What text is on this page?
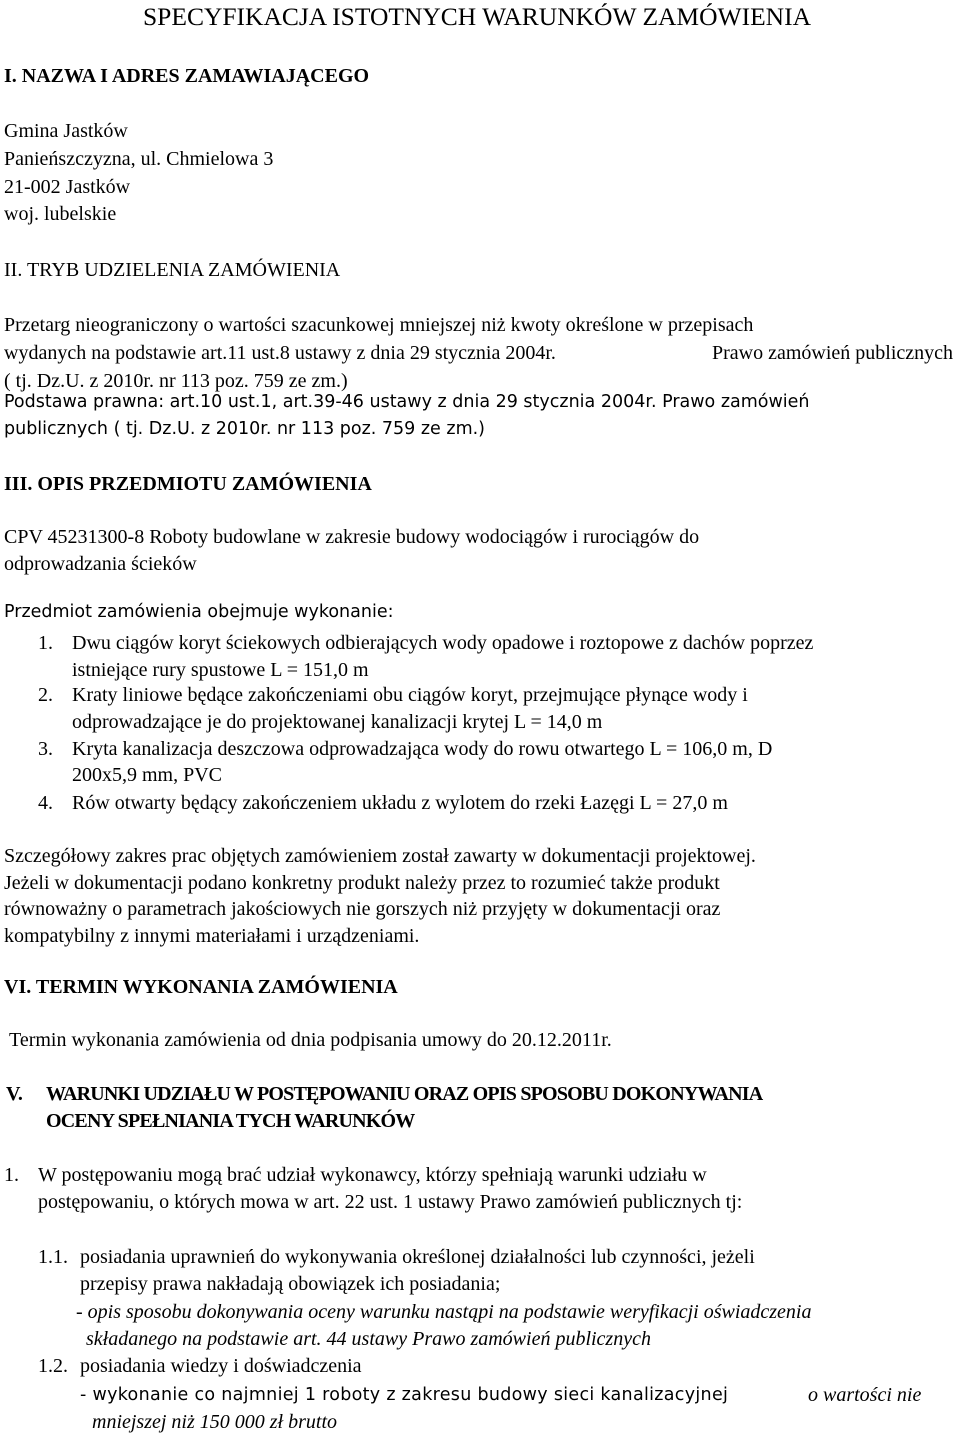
SPECYFIKACJA ISTOTNYCH WARUNKÓW ZAMÓWIENIA
I. NAZWA I ADRES ZAMAWIAJĄCEGO
Gmina Jastków
Panieńszczyzna, ul. Chmielowa 3
21-002 Jastków
woj. lubelskie
II. TRYB UDZIELENIA ZAMÓWIENIA
Przetarg nieograniczony o wartości szacunkowej mniejszej niż kwoty określone w przepisach
wydanych na podstawie art.11 ust.8 ustawy z dnia 29 stycznia 2004r.	Prawo zamówień publicznych
( tj. Dz.U. z 2010r. nr 113 poz. 759 ze zm.)
Podstawa prawna: art.10 ust.1, art.39-46 ustawy z dnia 29 stycznia 2004r. Prawo zamówień
publicznych ( tj. Dz.U. z 2010r. nr 113 poz. 759 ze zm.)
III. OPIS PRZEDMIOTU ZAMÓWIENIA
CPV 45231300-8 Roboty budowlane w zakresie budowy wodociągów i rurociągów do
odprowadzania ścieków
Przedmiot zamówienia obejmuje wykonanie:
1. Dwu ciągów koryt ściekowych odbierających wody opadowe i roztopowe z dachów poprzez
istniejące rury spustowe L = 151,0 m
2. Kraty liniowe będące zakończeniami obu ciągów koryt, przejmujące płynące wody i
odprowadzające je do projektowanej kanalizacji krytej L = 14,0 m
3. Kryta kanalizacja deszczowa odprowadzająca wody do rowu otwartego L = 106,0 m, D
200x5,9 mm, PVC
4. Rów otwarty będący zakończeniem układu z wylotem do rzeki Łazęgi L = 27,0 m
Szczegółowy zakres prac objętych zamówieniem został zawarty w dokumentacji projektowej.
Jeżeli w dokumentacji podano konkretny produkt należy przez to rozumieć także produkt
równoważny o parametrach jakościowych nie gorszych niż przyjęty w dokumentacji oraz
kompatybilny z innymi materiałami i urządzeniami.
VI. TERMIN WYKONANIA ZAMÓWIENIA
Termin wykonania zamówienia od dnia podpisania umowy do 20.12.2011r.
V. WARUNKI UDZIAŁU W POSTĘPOWANIU ORAZ OPIS SPOSOBU DOKONYWANIA
OCENY SPEŁNIANIA TYCH WARUNKÓW
1. W postępowaniu mogą brać udział wykonawcy, którzy spełniają warunki udziału w
postępowaniu, o których mowa w art. 22 ust. 1 ustawy Prawo zamówień publicznych tj:
1.1. posiadania uprawnień do wykonywania określonej działalności lub czynności, jeżeli
przepisy prawa nakładają obowiązek ich posiadania;
- opis sposobu dokonywania oceny warunku nastąpi na podstawie weryfikacji oświadczenia
składanego na podstawie art. 44 ustawy Prawo zamówień publicznych
1.2. posiadania wiedzy i doświadczenia
- wykonanie co najmniej 1 roboty z zakresu budowy sieci kanalizacyjnej	o wartości nie
mniejszej niż 150 000 zł brutto
